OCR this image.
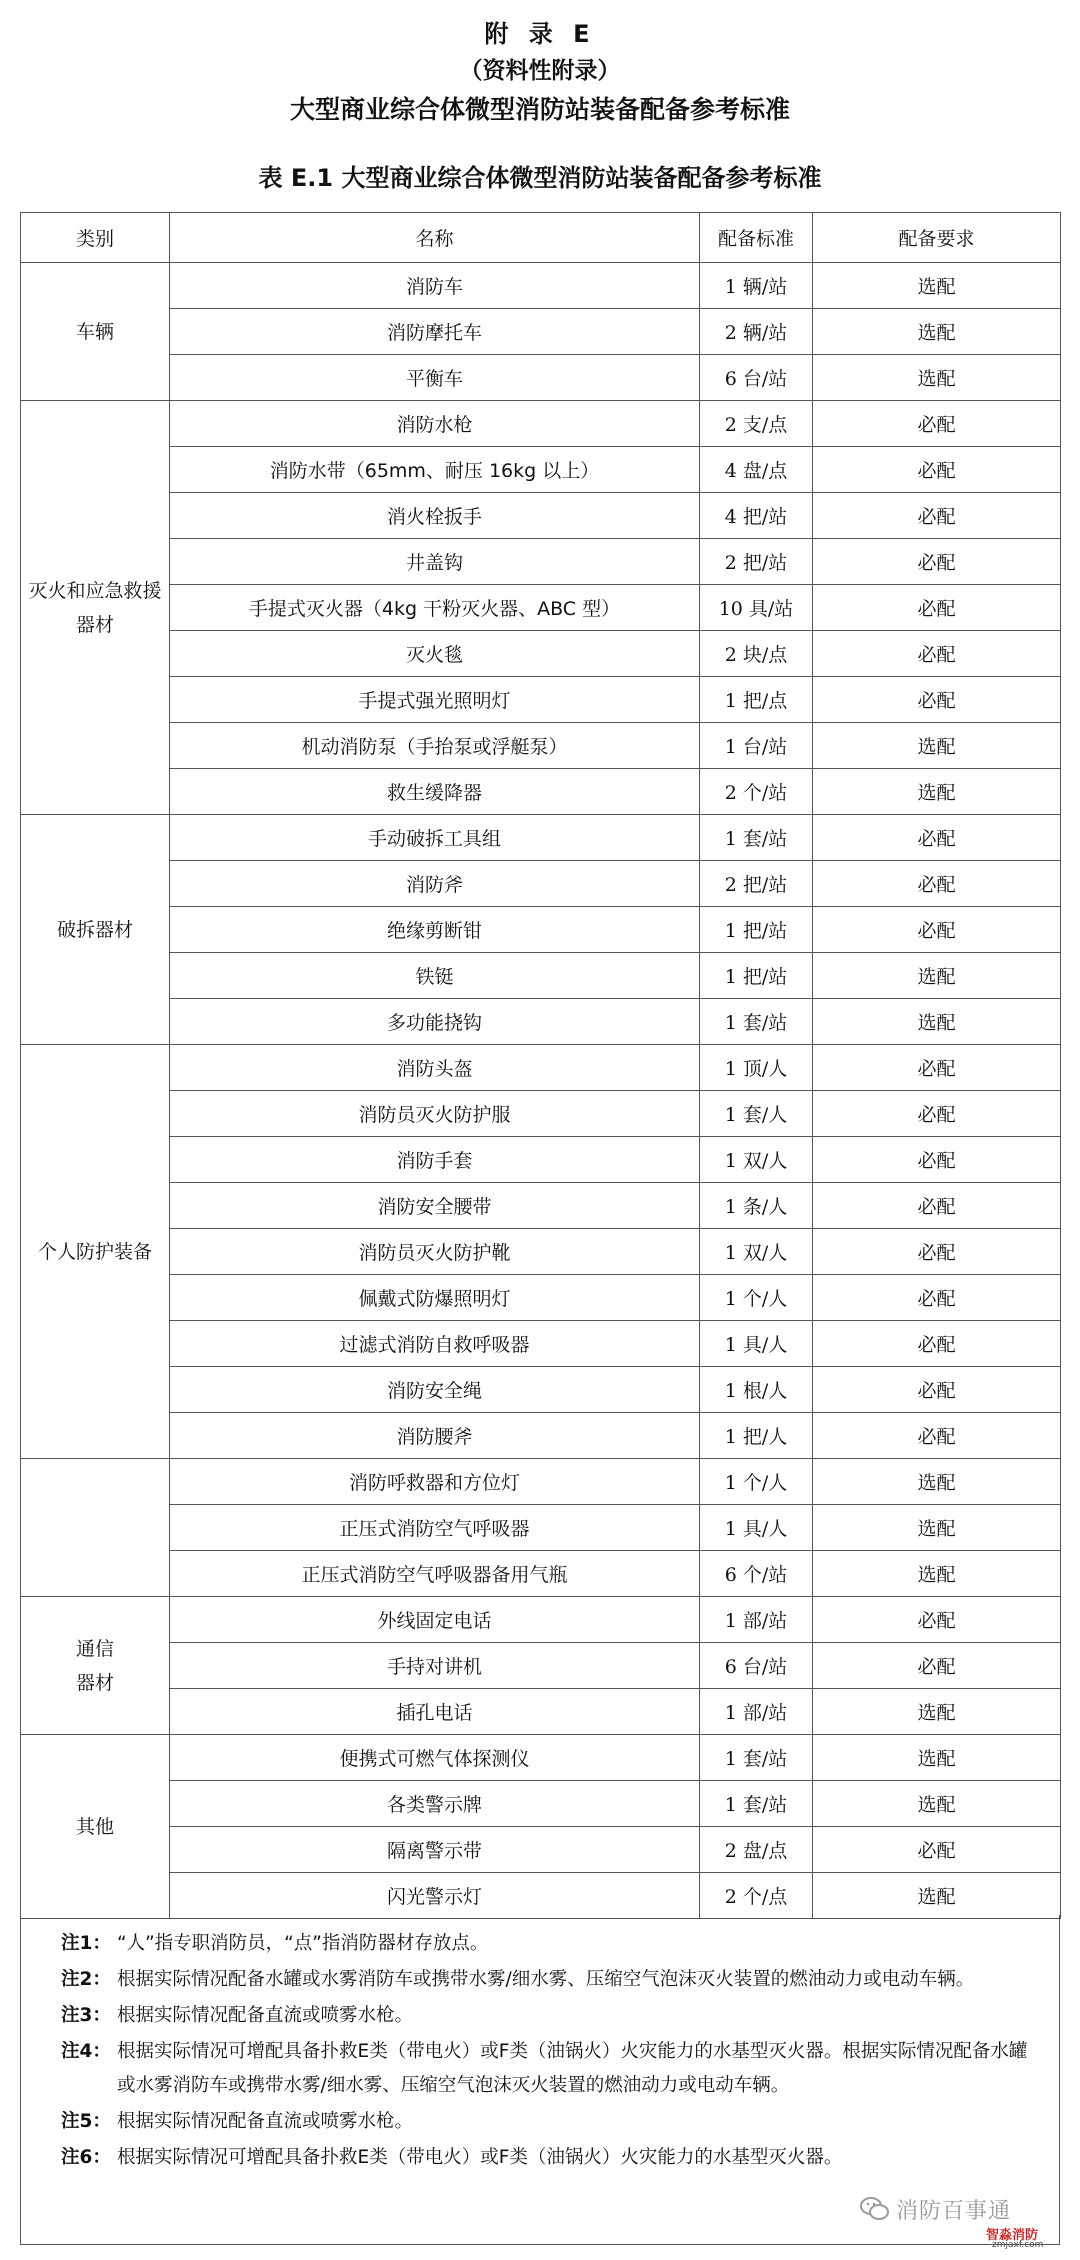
附 录 E
（资料性附录）
大型商业综合体微型消防站装备配备参考标准
表 E.1 大型商业综合体微型消防站装备配备参考标准
类别	名称	配备标准	配备要求
车辆	消防车	1 辆/站	选配
	消防摩托车	2 辆/站	选配
	平衡车	6 台/站	选配
灭火和应急救援器材	消防水枪	2 支/点	必配
	消防水带（65mm、耐压 16kg 以上）	4 盘/点	必配
	消火栓扳手	4 把/站	必配
	井盖钩	2 把/站	必配
	手提式灭火器（4kg 干粉灭火器、ABC 型）	10 具/站	必配
	灭火毯	2 块/点	必配
	手提式强光照明灯	1 把/点	必配
	机动消防泵（手抬泵或浮艇泵）	1 台/站	选配
	救生缓降器	2 个/站	选配
破拆器材	手动破拆工具组	1 套/站	必配
	消防斧	2 把/站	必配
	绝缘剪断钳	1 把/站	必配
	铁铤	1 把/站	选配
	多功能挠钩	1 套/站	选配
个人防护装备	消防头盔	1 顶/人	必配
	消防员灭火防护服	1 套/人	必配
	消防手套	1 双/人	必配
	消防安全腰带	1 条/人	必配
	消防员灭火防护靴	1 双/人	必配
	佩戴式防爆照明灯	1 个/人	必配
	过滤式消防自救呼吸器	1 具/人	必配
	消防安全绳	1 根/人	必配
	消防腰斧	1 把/人	必配
	消防呼救器和方位灯	1 个/人	选配
	正压式消防空气呼吸器	1 具/人	选配
	正压式消防空气呼吸器备用气瓶	6 个/站	选配
通信
器材	外线固定电话	1 部/站	必配
	手持对讲机	6 台/站	必配
	插孔电话	1 部/站	选配
其他	便携式可燃气体探测仪	1 套/站	选配
	各类警示牌	1 套/站	选配
	隔离警示带	2 盘/点	必配
	闪光警示灯	2 个/点	选配
注1： “人”指专职消防员，“点”指消防器材存放点。
注2： 根据实际情况配备水罐或水雾消防车或携带水雾/细水雾、压缩空气泡沫灭火装置的燃油动力或电动车辆。
注3： 根据实际情况配备直流或喷雾水枪。
注4： 根据实际情况可增配具备扑救E类（带电火）或F类（油锅火）火灾能力的水基型灭火器。根据实际情况配备水罐或水雾消防车或携带水雾/细水雾、压缩空气泡沫灭火装置的燃油动力或电动车辆。
注5： 根据实际情况配备直流或喷雾水枪。
注6： 根据实际情况可增配具备扑救E类（带电火）或F类（油锅火）火灾能力的水基型灭火器。
消防百事通
智淼消防
zmjaxf.com
